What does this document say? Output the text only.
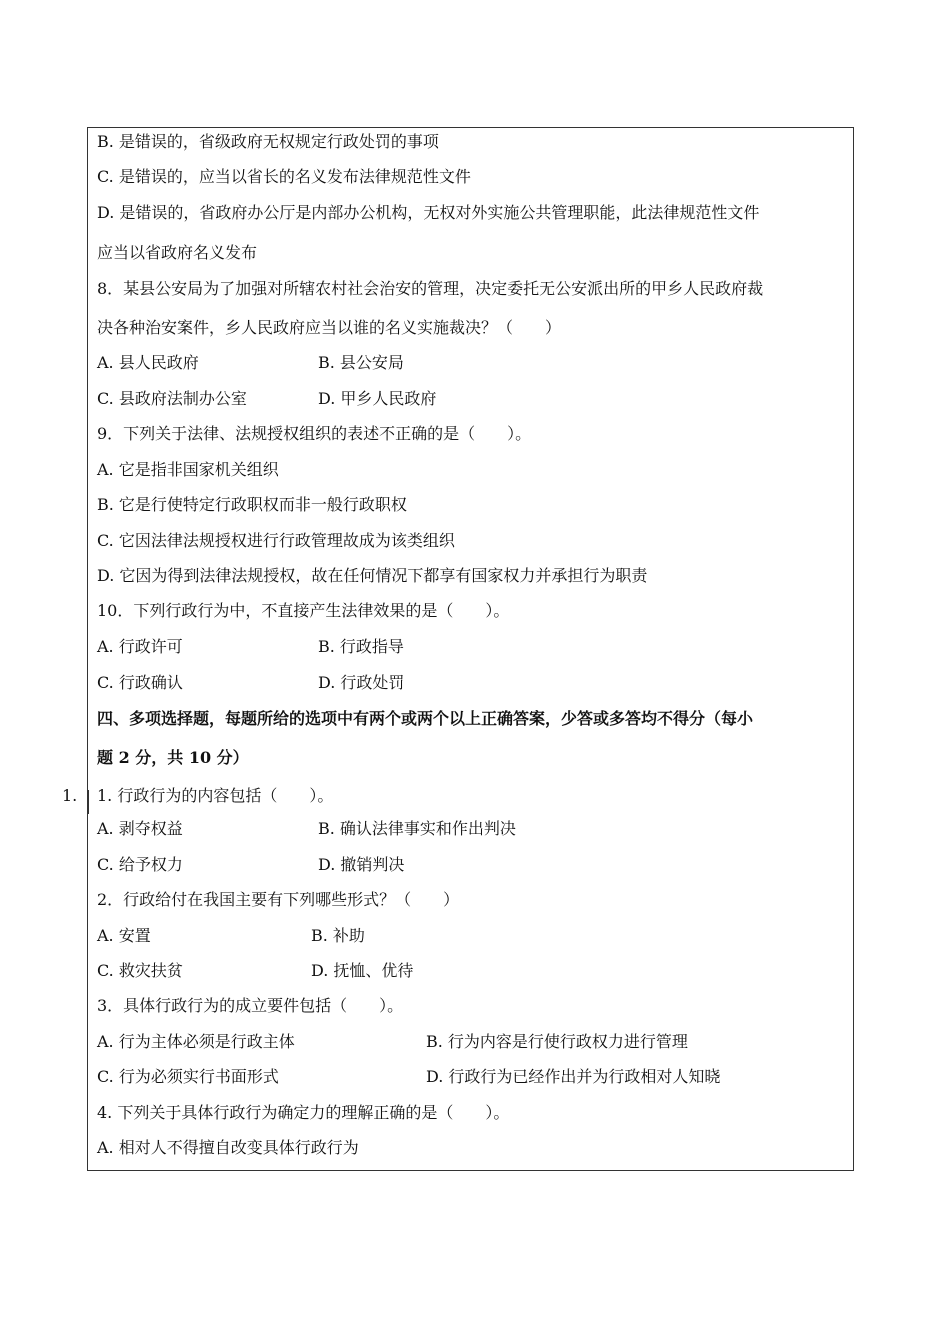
B. 是错误的，省级政府无权规定行政处罚的事项
C. 是错误的，应当以省长的名义发布法律规范性文件
D. 是错误的，省政府办公厅是内部办公机构，无权对外实施公共管理职能，此法律规范性文件
应当以省政府名义发布
8．某县公安局为了加强对所辖农村社会治安的管理，决定委托无公安派出所的甲乡人民政府裁
决各种治安案件，乡人民政府应当以谁的名义实施裁决？（　　）
A. 县人民政府	B. 县公安局
C. 县政府法制办公室	D. 甲乡人民政府
9．下列关于法律、法规授权组织的表述不正确的是（　　）。
A. 它是指非国家机关组织
B. 它是行使特定行政职权而非一般行政职权
C. 它因法律法规授权进行行政管理故成为该类组织
D. 它因为得到法律法规授权，故在任何情况下都享有国家权力并承担行为职责
10．下列行政行为中，不直接产生法律效果的是（　　）。
A. 行政许可	B. 行政指导
C. 行政确认	D. 行政处罚
四、多项选择题，每题所给的选项中有两个或两个以上正确答案，少答或多答均不得分（每小
题 2 分，共 10 分）
1. 1. 行政行为的内容包括（　　）。
A. 剥夺权益	B. 确认法律事实和作出判决
C. 给予权力	D. 撤销判决
2．行政给付在我国主要有下列哪些形式？（　　）
A. 安置	B. 补助
C. 救灾扶贫	D. 抚恤、优待
3．具体行政行为的成立要件包括（　　）。
A. 行为主体必须是行政主体	B. 行为内容是行使行政权力进行管理
C. 行为必须实行书面形式	D. 行政行为已经作出并为行政相对人知晓
4. 下列关于具体行政行为确定力的理解正确的是（　　）。
A. 相对人不得擅自改变具体行政行为
